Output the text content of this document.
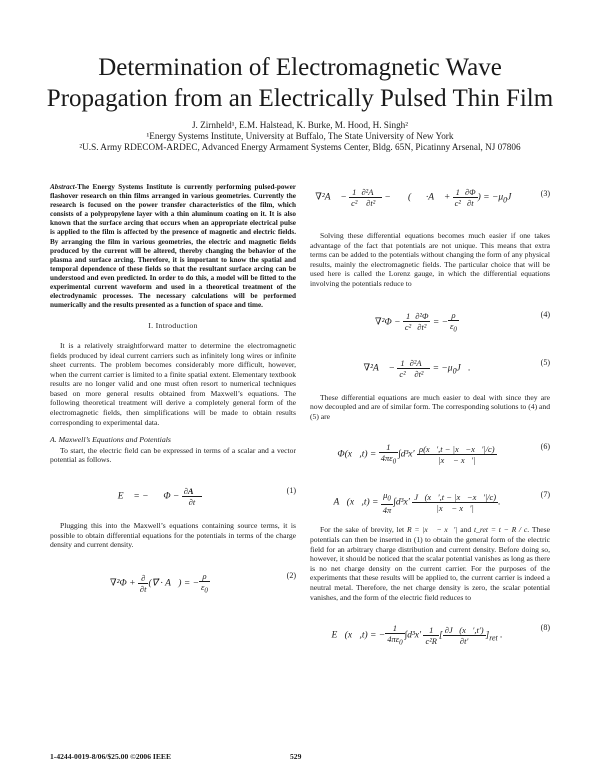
Determination of Electromagnetic Wave
Propagation from an Electrically Pulsed Thin Film
J. Zirnheld¹, E.M. Halstead, K. Burke, M. Hood, H. Singh²
¹Energy Systems Institute, University at Buffalo, The State University of New York
²U.S. Army RDECOM-ARDEC, Advanced Energy Armament Systems Center, Bldg. 65N, Picatinny Arsenal, NJ 07806

Abstract-The Energy Systems Institute is currently performing pulsed-power flashover research on thin films arranged in various geometries. Currently the research is focused on the power transfer characteristics of the film, which consists of a polypropylene layer with a thin aluminum coating on it. It is also known that the surface arcing that occurs when an appropriate electrical pulse is applied to the film is affected by the presence of magnetic and electric fields. By arranging the film in various geometries, the electric and magnetic fields produced by the current will be altered, thereby changing the behavior of the plasma and surface arcing. Therefore, it is important to know the spatial and temporal dependence of these fields so that the resultant surface arcing can be understood and even predicted. In order to do this, a model will be fitted to the experimental current waveform and used in a theoretical treatment of the electrodynamic processes. The necessary calculations will be performed numerically and the results presented as a function of space and time.

I. Introduction

It is a relatively straightforward matter to determine the electromagnetic fields produced by ideal current carriers such as infinitely long wires or infinite sheet currents. The problem becomes considerably more difficult, however, when the current carrier is limited to a finite spatial extent. Elementary textbook results are no longer valid and one must often resort to numerical techniques based on more general results obtained from Maxwell’s equations. The following theoretical treatment will derive a completely general form of the electromagnetic fields, then simplifications will be made to obtain results corresponding to experimental data.

A. Maxwell’s Equations and Potentials

To start, the electric field can be expressed in terms of a scalar and a vector potential as follows.

E⃗ = −∇⃗Φ − $\frac{\partial A⃗}{\partial t}$	(1)

Plugging this into the Maxwell’s equations containing source terms, it is possible to obtain differential equations for the potentials in terms of the charge density and current density.

$\nabla^2\Phi + \frac{\partial}{\partial t}$ (∇⃗ · A⃗) = − $\frac{\rho}{\varepsilon_0}$	(2)
∇²A⃗ − $\frac{1}{\text{c²}} \frac{\text{∂²A⃗}}{\text{∂t²}}$ − ∇⃗(∇⃗·A⃗ + $\frac{1}{\text{c²}} \frac{\partial\Phi}{\partial t}$ ) = $-\mu_0J⃗$	(3)

Solving these differential equations becomes much easier if one takes advantage of the fact that potentials are not unique. This means that extra terms can be added to the potentials without changing the form of any physical results, mainly the electromagnetic fields. The particular choice that will be used here is called the Lorenz gauge, in which the differential equations involving the potentials reduce to

$\nabla^2\Phi - \frac{1}{\text{c²}} \frac{\text{∂²Φ}}{\text{∂t²}}$ = − $\frac{\rho}{\varepsilon_0}$	(4)
∇²A⃗ − $\frac{1}{\text{c²}} \frac{\text{∂²A⃗}}{\text{∂t²}}$ = $-\mu_0J⃗$.
(5)

These differential equations are much easier to deal with since they are now decoupled and are of similar form. The corresponding solutions to (4) and (5) are

Φ(x⃗,t) = $\frac{1}{4\pi\varepsilon_0} \int d^3x' \frac{\rho(x⃗',t - |x⃗-x⃗'|/c)}{|x⃗ - x⃗'|}$	(6)
A⃗(x⃗,t) = $\frac{\mu_0}{4\pi} \int d^3x' \frac{J⃗(x⃗',t - |x⃗-x⃗'|/c)}{|x⃗ - x⃗'|}$ .
(7)

For the sake of brevity, let R = |x⃗ − x⃗′| and t_ret = t − R / c. These potentials can then be inserted in (1) to obtain the general form of the electric field for an arbitrary charge distribution and current density. Before doing so, however, it should be noticed that the scalar potential vanishes as long as there is no net charge density on the current carrier. For the purposes of the experiments that these results will be applied to, the current carrier is indeed a neutral metal. Therefore, the net charge density is zero, the scalar potential vanishes, and the form of the electric field reduces to

E⃗(x⃗,t) = − $\frac{1}{4\pi\varepsilon_0} \int d^3x' \frac{1}{\text{c²R}}$ [ $\frac{\partial J⃗(x⃗',t')}{\partial t'} ]_{ret}$ .
(8)
1-4244-0019-8/06/$25.00 ©2006 IEEE	529
